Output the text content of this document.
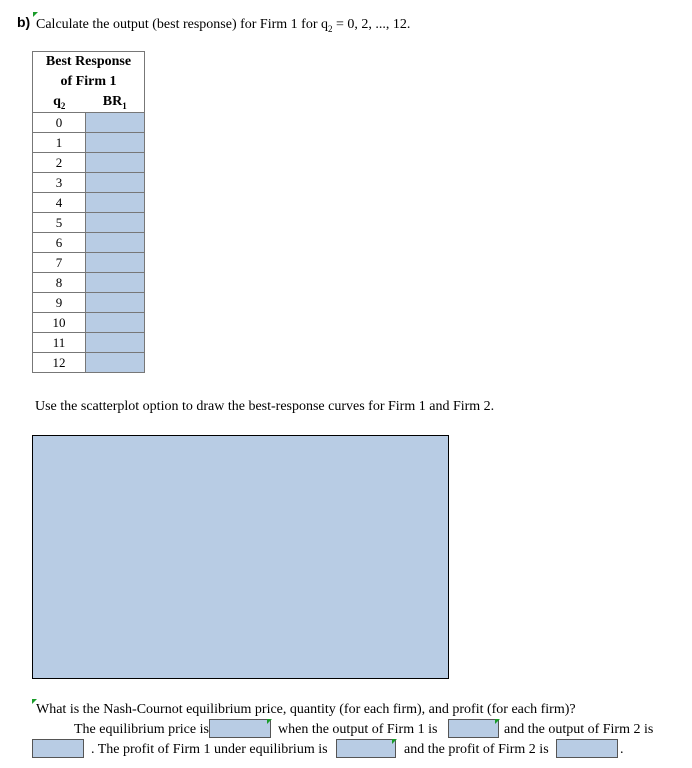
b) Calculate the output (best response) for Firm 1 for $q_2 = 0$, 2, ..., 12.
Best Response	
of Firm 1	
$q_2$	$BR_1$
0	
1	
2	
3	
4	
5	
6	
7	
8	
9	
10	
11	
12	
Use the scatterplot option to draw the best-response curves for Firm 1 and Firm 2.
What is the Nash-Cournot equilibrium price, quantity (for each firm), and profit (for each firm)?
The equilibrium price is	when the output of Firm 1 is	and the output of Firm 2 is
. The profit of Firm 1 under equilibrium is	and the profit of Firm 2 is	.
